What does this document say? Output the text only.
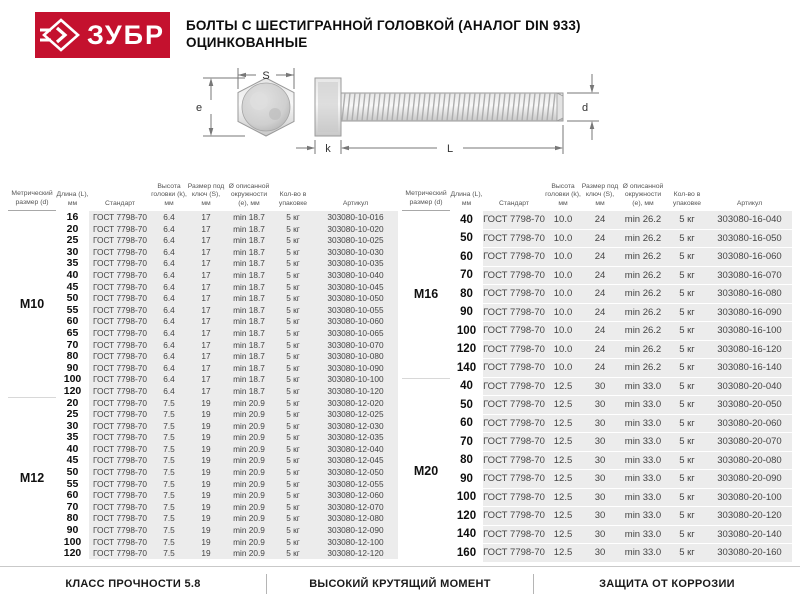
ЗУБР БОЛТЫ С ШЕСТИГРАННОЙ ГОЛОВКОЙ (АНАЛОГ DIN 933)
ОЦИНКОВАННЫЕ
S
e
k	L
d
Метрический размер (d)
Длина (L), мм	Стандарт
Высота головки (k), мм
Размер под ключ (S), мм
Ø описанной окружности (e), мм
Кол-во в упаковке	Артикул
M10
16	ГОСТ 7798-70	6.4	17	min 18.7	5 кг	303080-10-016
20	ГОСТ 7798-70	6.4	17	min 18.7	5 кг	303080-10-020
25	ГОСТ 7798-70	6.4	17	min 18.7	5 кг	303080-10-025
30	ГОСТ 7798-70	6.4	17	min 18.7	5 кг	303080-10-030
35	ГОСТ 7798-70	6.4	17	min 18.7	5 кг	303080-10-035
40	ГОСТ 7798-70	6.4	17	min 18.7	5 кг	303080-10-040
45	ГОСТ 7798-70	6.4	17	min 18.7	5 кг	303080-10-045
50	ГОСТ 7798-70	6.4	17	min 18.7	5 кг	303080-10-050
55	ГОСТ 7798-70	6.4	17	min 18.7	5 кг	303080-10-055
60	ГОСТ 7798-70	6.4	17	min 18.7	5 кг	303080-10-060
65	ГОСТ 7798-70	6.4	17	min 18.7	5 кг	303080-10-065
70	ГОСТ 7798-70	6.4	17	min 18.7	5 кг	303080-10-070
80	ГОСТ 7798-70	6.4	17	min 18.7	5 кг	303080-10-080
90	ГОСТ 7798-70	6.4	17	min 18.7	5 кг	303080-10-090
100	ГОСТ 7798-70	6.4	17	min 18.7	5 кг	303080-10-100
120	ГОСТ 7798-70	6.4	17	min 18.7	5 кг	303080-10-120
M12
20	ГОСТ 7798-70	7.5	19	min 20.9	5 кг	303080-12-020
25	ГОСТ 7798-70	7.5	19	min 20.9	5 кг	303080-12-025
30	ГОСТ 7798-70	7.5	19	min 20.9	5 кг	303080-12-030
35	ГОСТ 7798-70	7.5	19	min 20.9	5 кг	303080-12-035
40	ГОСТ 7798-70	7.5	19	min 20.9	5 кг	303080-12-040
45	ГОСТ 7798-70	7.5	19	min 20.9	5 кг	303080-12-045
50	ГОСТ 7798-70	7.5	19	min 20.9	5 кг	303080-12-050
55	ГОСТ 7798-70	7.5	19	min 20.9	5 кг	303080-12-055
60	ГОСТ 7798-70	7.5	19	min 20.9	5 кг	303080-12-060
70	ГОСТ 7798-70	7.5	19	min 20.9	5 кг	303080-12-070
80	ГОСТ 7798-70	7.5	19	min 20.9	5 кг	303080-12-080
90	ГОСТ 7798-70	7.5	19	min 20.9	5 кг	303080-12-090
100	ГОСТ 7798-70	7.5	19	min 20.9	5 кг	303080-12-100
120	ГОСТ 7798-70	7.5	19	min 20.9	5 кг	303080-12-120
Метрический размер (d)
Длина (L), мм	Стандарт
Высота головки (k), мм
Размер под ключ (S), мм
Ø описанной окружности (e), мм
Кол-во в упаковке	Артикул
M16
40	ГОСТ 7798-70 10.0	24	min 26.2	5 кг	303080-16-040
50	ГОСТ 7798-70 10.0	24	min 26.2	5 кг	303080-16-050
60	ГОСТ 7798-70 10.0	24	min 26.2	5 кг	303080-16-060
70	ГОСТ 7798-70 10.0	24	min 26.2	5 кг	303080-16-070
80	ГОСТ 7798-70 10.0	24	min 26.2	5 кг	303080-16-080
90	ГОСТ 7798-70 10.0	24	min 26.2	5 кг	303080-16-090
100 ГОСТ 7798-70 10.0	24	min 26.2	5 кг	303080-16-100
120 ГОСТ 7798-70 10.0	24	min 26.2	5 кг	303080-16-120
140 ГОСТ 7798-70 10.0	24	min 26.2	5 кг	303080-16-140
M20
40	ГОСТ 7798-70 12.5	30	min 33.0	5 кг	303080-20-040
50	ГОСТ 7798-70 12.5	30	min 33.0	5 кг	303080-20-050
60	ГОСТ 7798-70 12.5	30	min 33.0	5 кг	303080-20-060
70	ГОСТ 7798-70 12.5	30	min 33.0	5 кг	303080-20-070
80	ГОСТ 7798-70 12.5	30	min 33.0	5 кг	303080-20-080
90	ГОСТ 7798-70 12.5	30	min 33.0	5 кг	303080-20-090
100 ГОСТ 7798-70 12.5	30	min 33.0	5 кг	303080-20-100
120 ГОСТ 7798-70 12.5	30	min 33.0	5 кг	303080-20-120
140 ГОСТ 7798-70 12.5	30	min 33.0	5 кг	303080-20-140
160 ГОСТ 7798-70 12.5	30	min 33.0	5 кг	303080-20-160
КЛАСС ПРОЧНОСТИ 5.8	ВЫСОКИЙ КРУТЯЩИЙ МОМЕНТ	ЗАЩИТА ОТ КОРРОЗИИ
